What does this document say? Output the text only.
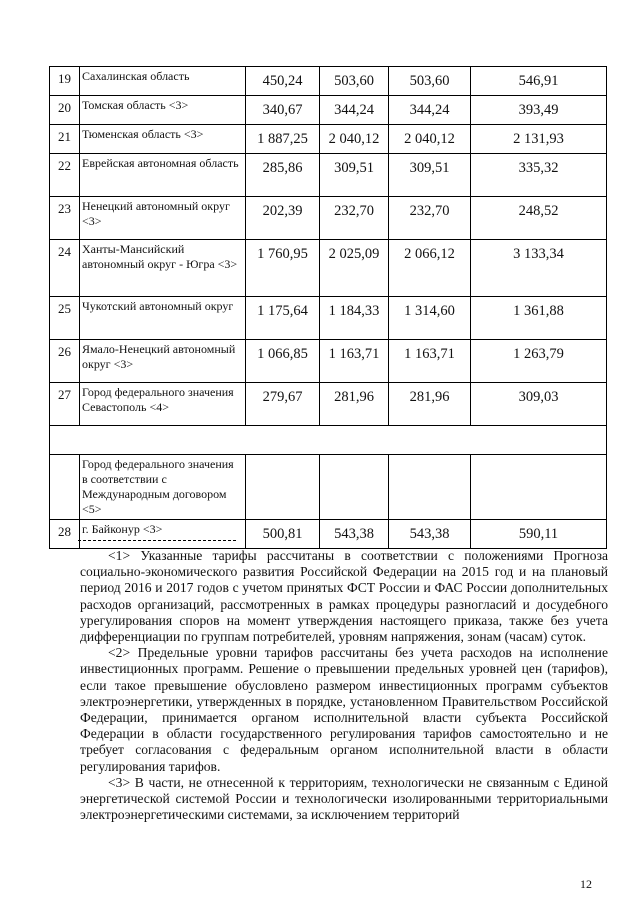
19	Сахалинская область	450,24	503,60	503,60	546,91
20	Томская область <3>	340,67	344,24	344,24	393,49
21	Тюменская область <3>	1 887,25	2 040,12	2 040,12	2 131,93
22	Еврейская автономная область	285,86	309,51	309,51	335,32
23	Ненецкий автономный округ <3>	202,39	232,70	232,70	248,52
24	Ханты-Мансийский автономный округ - Югра <3>	1 760,95	2 025,09	2 066,12	3 133,34
25	Чукотский автономный округ	1 175,64	1 184,33	1 314,60	1 361,88
26	Ямало-Ненецкий автономный округ <3>	1 066,85	1 163,71	1 163,71	1 263,79
27	Город федерального значения Севастополь <4>	279,67	281,96	281,96	309,03

	Город федерального значения в соответствии с Международным договором <5>				
28	г. Байконур <3>	500,81	543,38	543,38	590,11

<1> Указанные тарифы рассчитаны в соответствии с положениями Прогноза социально-экономического развития Российской Федерации на 2015 год и на плановый период 2016 и 2017 годов с учетом принятых ФСТ России и ФАС России дополнительных расходов организаций, рассмотренных в рамках процедуры разногласий и досудебного урегулирования споров на момент утверждения настоящего приказа, также без учета дифференциации по группам потребителей, уровням напряжения, зонам (часам) суток.

<2> Предельные уровни тарифов рассчитаны без учета расходов на исполнение инвестиционных программ. Решение о превышении предельных уровней цен (тарифов), если такое превышение обусловлено размером инвестиционных программ субъектов электроэнергетики, утвержденных в порядке, установленном Правительством Российской Федерации, принимается органом исполнительной власти субъекта Российской Федерации в области государственного регулирования тарифов самостоятельно и не требует согласования с федеральным органом исполнительной власти в области регулирования тарифов.

<3> В части, не отнесенной к территориям, технологически не связанным с Единой энергетической системой России и технологически изолированными территориальными электроэнергетическими системами, за исключением территорий

12
